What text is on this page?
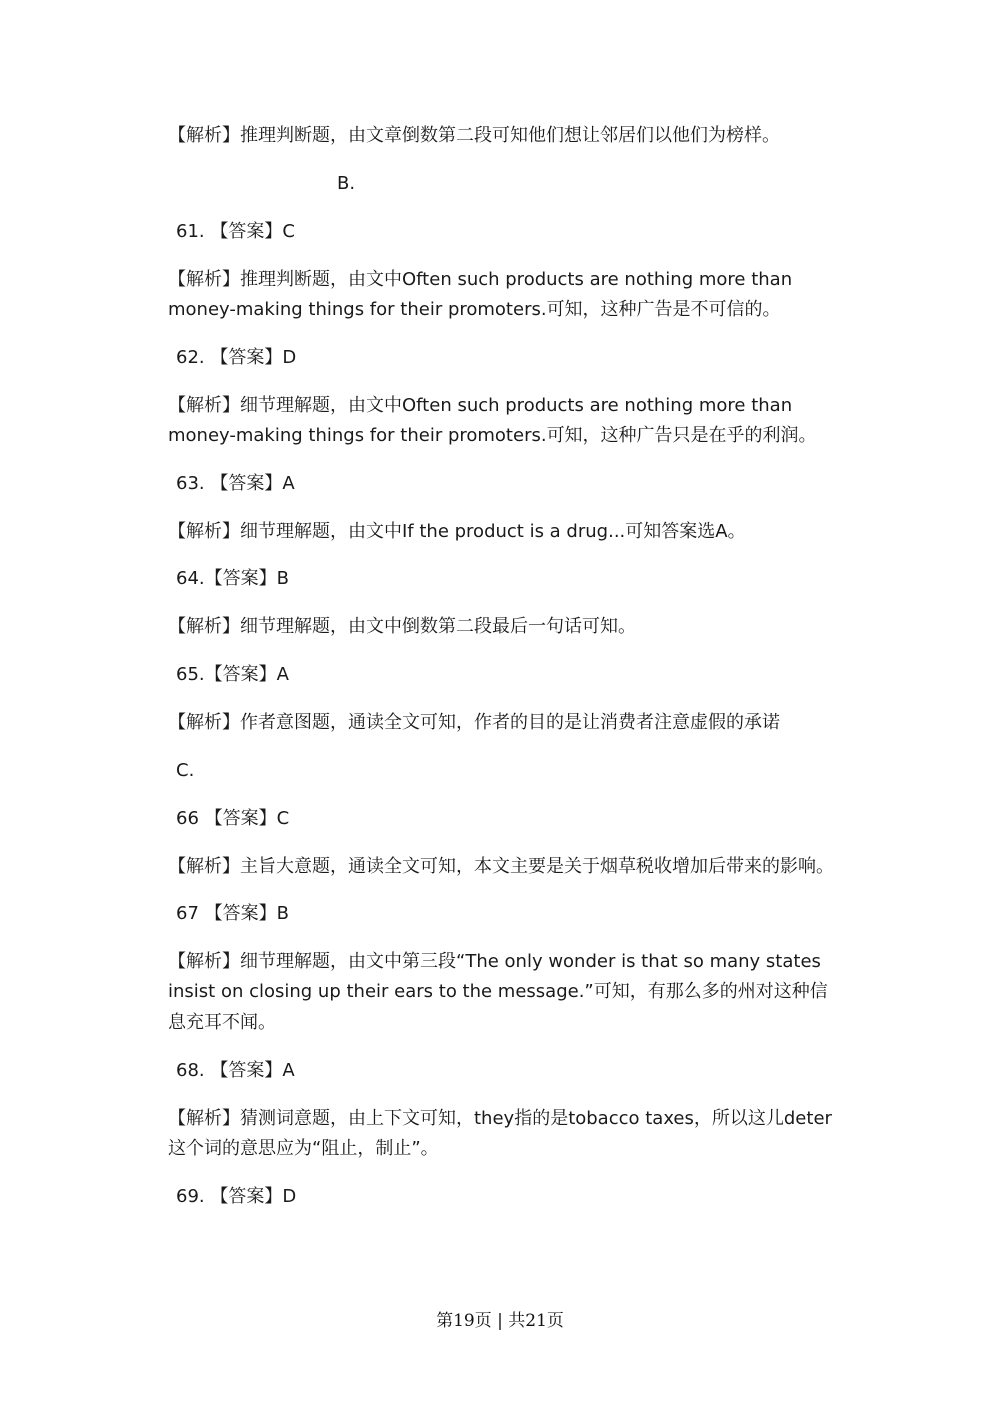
【解析】推理判断题，由文章倒数第二段可知他们想让邻居们以他们为榜样。
B.
61. 【答案】C
【解析】推理判断题，由文中Often such products are nothing more than
money-making things for their promoters.可知，这种广告是不可信的。
62. 【答案】D
【解析】细节理解题，由文中Often such products are nothing more than
money-making things for their promoters.可知，这种广告只是在乎的利润。
63. 【答案】A
【解析】细节理解题，由文中If the product is a drug...可知答案选A。
64.【答案】B
【解析】细节理解题，由文中倒数第二段最后一句话可知。
65.【答案】A
【解析】作者意图题，通读全文可知，作者的目的是让消费者注意虚假的承诺
C.
66 【答案】C
【解析】主旨大意题，通读全文可知，本文主要是关于烟草税收增加后带来的影响。
67 【答案】B
【解析】细节理解题，由文中第三段“The only wonder is that so many states
insist on closing up their ears to the message.”可知，有那么多的州对这种信
息充耳不闻。
68. 【答案】A
【解析】猜测词意题，由上下文可知，they指的是tobacco taxes，所以这儿deter
这个词的意思应为“阻止，制止”。
69. 【答案】D
第19页 | 共21页
